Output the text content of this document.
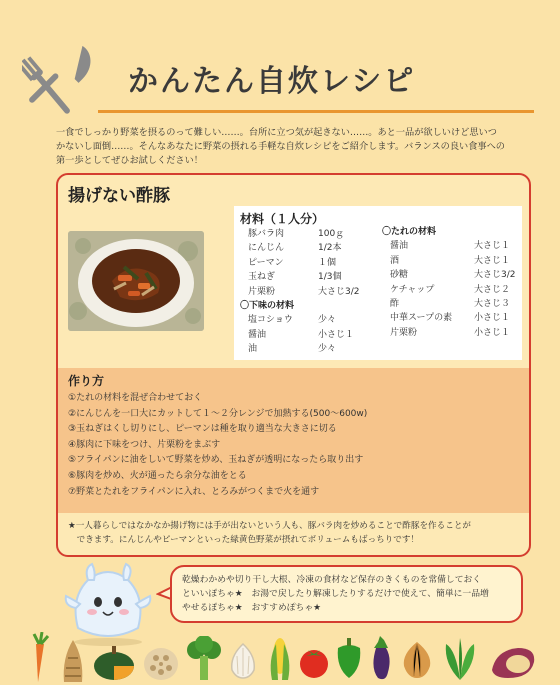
かんたん自炊レシピ
一食でしっかり野菜を摂るのって難しい……。台所に立つ気が起きない……。あと一品が欲しいけど思いつ
かないし面倒……。そんなあなたに野菜の摂れる手軽な自炊レシピをご紹介します。バランスの良い食事への
第一歩としてぜひお試しください！
揚げない酢豚
材料（１人分）
豚バラ肉	100ｇ
にんじん	1/2本
ピーマン	１個
玉ねぎ	1/3個
片栗粉	大さじ3/2
〇下味の材料
塩コショウ	少々
醤油	小さじ１
油	少々
〇たれの材料
醤油	大さじ１
酒	大さじ１
砂糖	大さじ3/2
ケチャップ	大さじ２
酢	大さじ３
中華スープの素	小さじ１
片栗粉	小さじ１
作り方
①たれの材料を混ぜ合わせておく
②にんじんを一口大にカットして１～２分レンジで加熱する(500～600w)
③玉ねぎはくし切りにし、ピーマンは種を取り適当な大きさに切る
④豚肉に下味をつけ、片栗粉をまぶす
⑤フライパンに油をしいて野菜を炒め、玉ねぎが透明になったら取り出す
⑥豚肉を炒め、火が通ったら余分な油をとる
⑦野菜とたれをフライパンに入れ、とろみがつくまで火を通す
★一人暮らしではなかなか揚げ物には手が出ないという人も、豚バラ肉を炒めることで酢豚を作ることが
　できます。にんじんやピーマンといった緑黄色野菜が摂れてボリュームもばっちりです！
乾燥わかめや切り干し大根、冷凍の食材など保存のきくものを常備しておく
といいぽちゃ★　お湯で戻したり解凍したりするだけで使えて、簡単に一品増
やせるぽちゃ★　おすすめぽちゃ★
